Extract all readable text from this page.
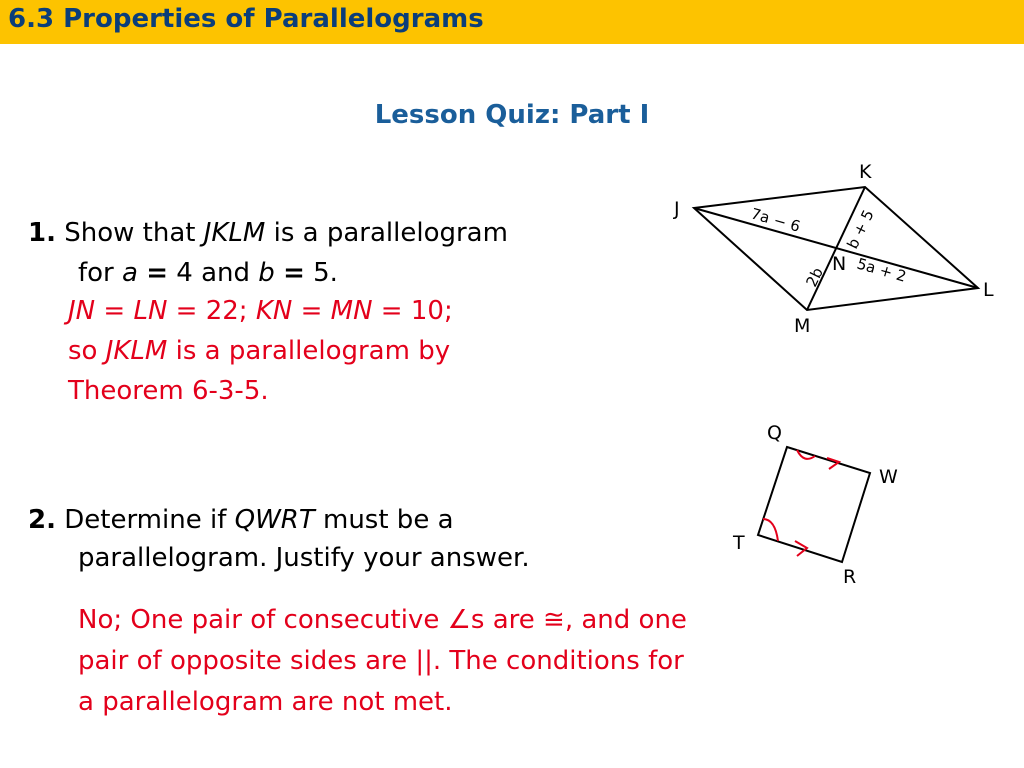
6.3 Properties of Parallelograms
Lesson Quiz: Part I
1. Show that JKLM is a parallelogram
for a = 4 and b = 5.
JN = LN = 22; KN = MN = 10;
so JKLM is a parallelogram by
Theorem 6-3-5.
J
K
L
M
N
7a − 6	b + 5
2b 5a + 2
2. Determine if QWRT must be a
parallelogram. Justify your answer.
No; One pair of consecutive ∠s are ≅, and one
pair of opposite sides are ||. The conditions for
a parallelogram are not met.
Q
W
R
T
